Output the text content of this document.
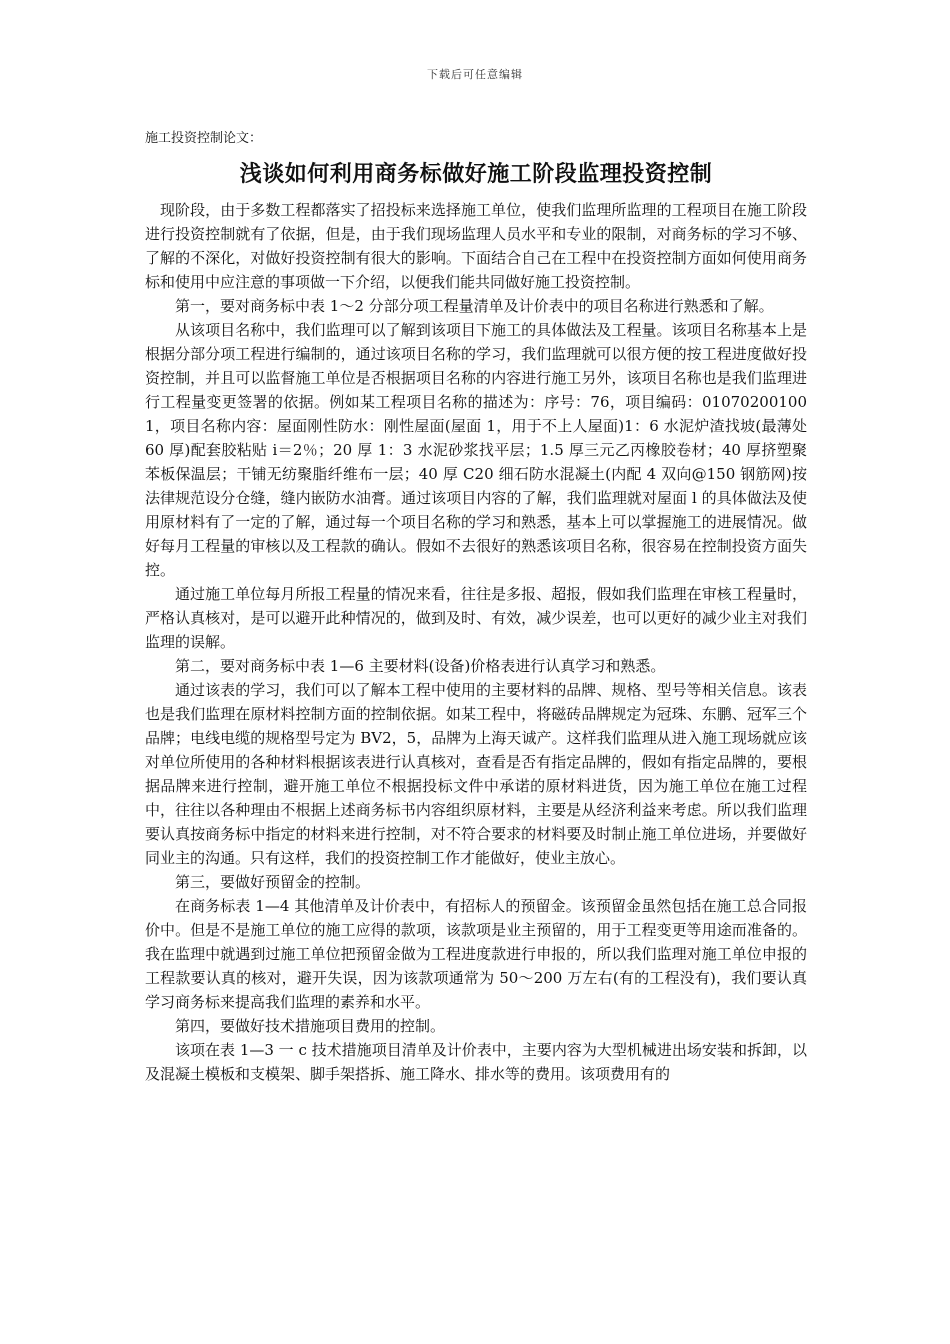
下载后可任意编辑

施工投资控制论文：

浅谈如何利用商务标做好施工阶段监理投资控制

现阶段，由于多数工程都落实了招投标来选择施工单位，使我们监理所监理的工程项目在施工阶段进行投资控制就有了依据，但是，由于我们现场监理人员水平和专业的限制，对商务标的学习不够、了解的不深化，对做好投资控制有很大的影响。下面结合自己在工程中在投资控制方面如何使用商务标和使用中应注意的事项做一下介绍，以便我们能共同做好施工投资控制。

第一，要对商务标中表 1～2 分部分项工程量清单及计价表中的项目名称进行熟悉和了解。

从该项目名称中，我们监理可以了解到该项目下施工的具体做法及工程量。该项目名称基本上是根据分部分项工程进行编制的，通过该项目名称的学习，我们监理就可以很方便的按工程进度做好投资控制，并且可以监督施工单位是否根据项目名称的内容进行施工另外，该项目名称也是我们监理进行工程量变更签署的依据。例如某工程项目名称的描述为：序号：76，项目编码：010702001001，项目名称内容：屋面刚性防水：刚性屋面(屋面 1，用于不上人屋面)1：6 水泥炉渣找坡(最薄处 60 厚)配套胶粘贴 i＝2％；20 厚 1：3 水泥砂浆找平层；1.5 厚三元乙丙橡胶卷材；40 厚挤塑聚苯板保温层；干铺无纺聚脂纤维布一层；40 厚 C20 细石防水混凝土(内配 4 双向@150 钢筋网)按法律规范设分仓缝，缝内嵌防水油膏。通过该项目内容的了解，我们监理就对屋面 l 的具体做法及使用原材料有了一定的了解，通过每一个项目名称的学习和熟悉，基本上可以掌握施工的进展情况。做好每月工程量的审核以及工程款的确认。假如不去很好的熟悉该项目名称，很容易在控制投资方面失控。

通过施工单位每月所报工程量的情况来看，往往是多报、超报，假如我们监理在审核工程量时，严格认真核对，是可以避开此种情况的，做到及时、有效，减少误差，也可以更好的减少业主对我们监理的误解。

第二，要对商务标中表 1—6 主要材料(设备)价格表进行认真学习和熟悉。

通过该表的学习，我们可以了解本工程中使用的主要材料的品牌、规格、型号等相关信息。该表也是我们监理在原材料控制方面的控制依据。如某工程中，将磁砖品牌规定为冠珠、东鹏、冠军三个品牌；电线电缆的规格型号定为 BV2，5，品牌为上海天诚产。这样我们监理从进入施工现场就应该对单位所使用的各种材料根据该表进行认真核对，查看是否有指定品牌的，假如有指定品牌的，要根据品牌来进行控制，避开施工单位不根据投标文件中承诺的原材料进货，因为施工单位在施工过程中，往往以各种理由不根据上述商务标书内容组织原材料，主要是从经济利益来考虑。所以我们监理要认真按商务标中指定的材料来进行控制，对不符合要求的材料要及时制止施工单位进场，并要做好同业主的沟通。只有这样，我们的投资控制工作才能做好，使业主放心。

第三，要做好预留金的控制。

在商务标表 1—4 其他清单及计价表中，有招标人的预留金。该预留金虽然包括在施工总合同报价中。但是不是施工单位的施工应得的款项，该款项是业主预留的，用于工程变更等用途而准备的。我在监理中就遇到过施工单位把预留金做为工程进度款进行申报的，所以我们监理对施工单位申报的工程款要认真的核对，避开失误，因为该款项通常为 50～200 万左右(有的工程没有)，我们要认真学习商务标来提高我们监理的素养和水平。

第四，要做好技术措施项目费用的控制。

该项在表 1—3 一 c 技术措施项目清单及计价表中，主要内容为大型机械进出场安装和拆卸，以及混凝土模板和支模架、脚手架搭拆、施工降水、排水等的费用。该项费用有的
